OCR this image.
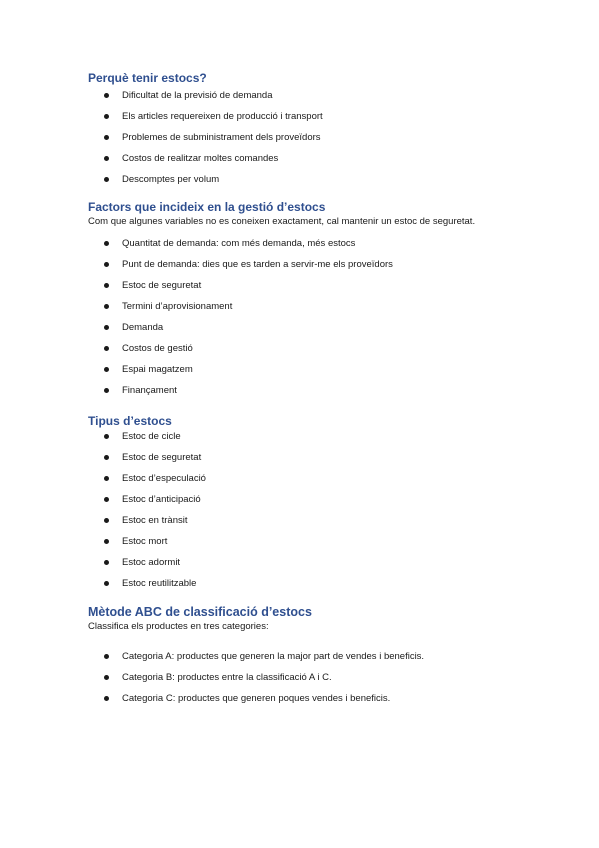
Perquè tenir estocs?
Dificultat de la previsió de demanda
Els articles requereixen de producció i transport
Problemes de subministrament dels proveïdors
Costos de realitzar moltes comandes
Descomptes per volum
Factors que incideix en la gestió d’estocs

Com que algunes variables no es coneixen exactament, cal mantenir un estoc de seguretat.

Quantitat de demanda: com més demanda, més estocs
Punt de demanda: dies que es tarden a servir-me els proveïdors
Estoc de seguretat
Termini d’aprovisionament
Demanda
Costos de gestió
Espai magatzem
Finançament
Tipus d’estocs
Estoc de cicle
Estoc de seguretat
Estoc d’especulació
Estoc d’anticipació
Estoc en trànsit
Estoc mort
Estoc adormit
Estoc reutilitzable
Mètode ABC de classificació d’estocs

Classifica els productes en tres categories:

Categoria A: productes que generen la major part de vendes i beneficis.
Categoria B: productes entre la classificació A i C.
Categoria C: productes que generen poques vendes i beneficis.
